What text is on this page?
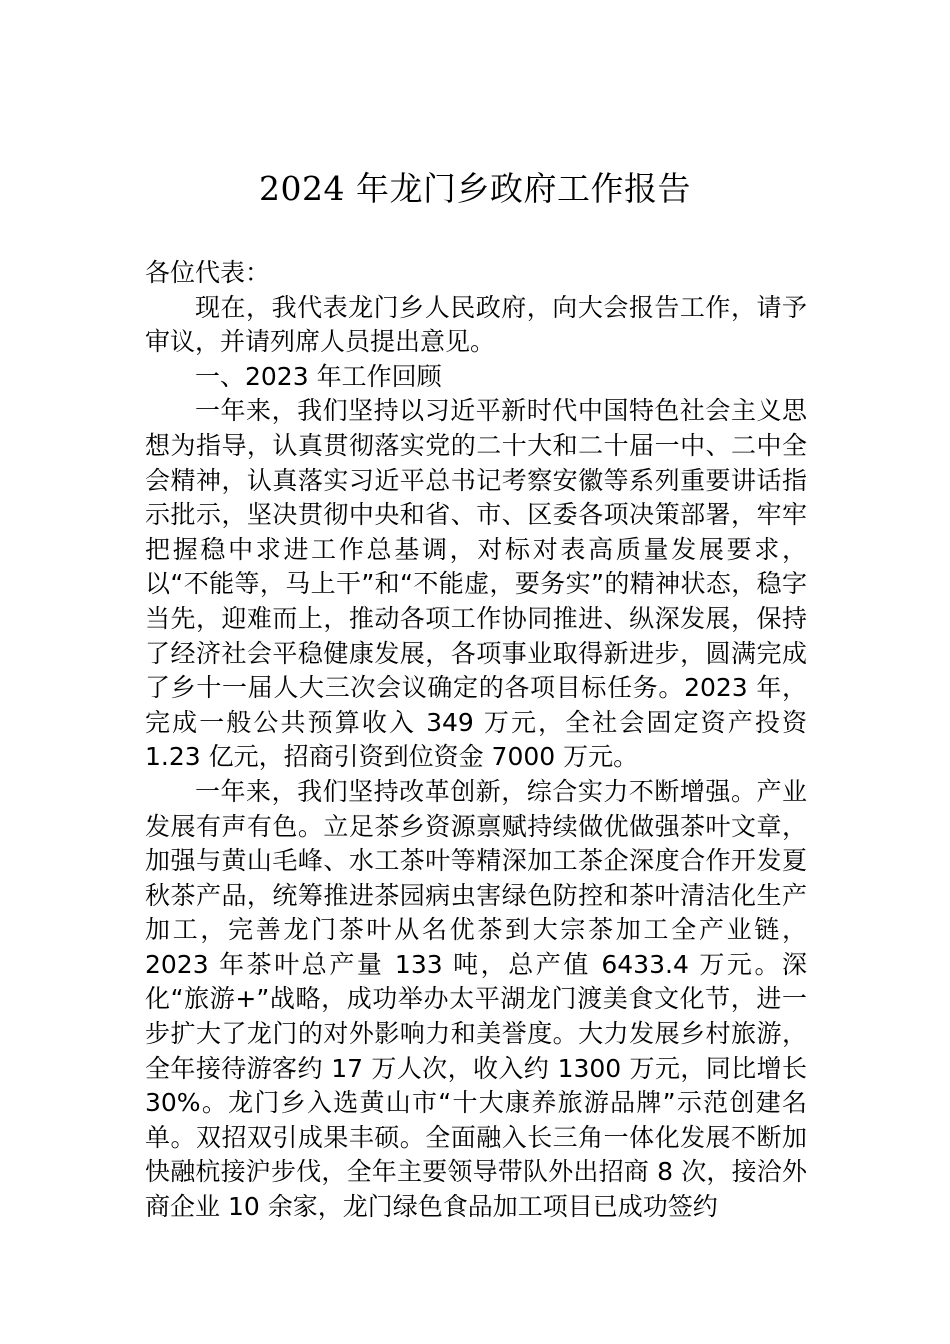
2024 年龙门乡政府工作报告

各位代表：

现在，我代表龙门乡人民政府，向大会报告工作，请予审议，并请列席人员提出意见。

一、2023 年工作回顾

一年来，我们坚持以习近平新时代中国特色社会主义思想为指导，认真贯彻落实党的二十大和二十届一中、二中全会精神，认真落实习近平总书记考察安徽等系列重要讲话指示批示，坚决贯彻中央和省、市、区委各项决策部署，牢牢把握稳中求进工作总基调，对标对表高质量发展要求，以“不能等，马上干”和“不能虚，要务实”的精神状态，稳字当先，迎难而上，推动各项工作协同推进、纵深发展，保持了经济社会平稳健康发展，各项事业取得新进步，圆满完成了乡十一届人大三次会议确定的各项目标任务。2023 年，完成一般公共预算收入 349 万元，全社会固定资产投资 1.23 亿元，招商引资到位资金 7000 万元。

一年来，我们坚持改革创新，综合实力不断增强。产业发展有声有色。立足茶乡资源禀赋持续做优做强茶叶文章，加强与黄山毛峰、水工茶叶等精深加工茶企深度合作开发夏秋茶产品，统筹推进茶园病虫害绿色防控和茶叶清洁化生产加工，完善龙门茶叶从名优茶到大宗茶加工全产业链，2023 年茶叶总产量 133 吨，总产值 6433.4 万元。深化“旅游+”战略，成功举办太平湖龙门渡美食文化节，进一步扩大了龙门的对外影响力和美誉度。大力发展乡村旅游，全年接待游客约 17 万人次，收入约 1300 万元，同比增长 30%。龙门乡入选黄山市“十大康养旅游品牌”示范创建名单。双招双引成果丰硕。全面融入长三角一体化发展不断加快融杭接沪步伐，全年主要领导带队外出招商 8 次，接洽外商企业 10 余家，龙门绿色食品加工项目已成功签约
